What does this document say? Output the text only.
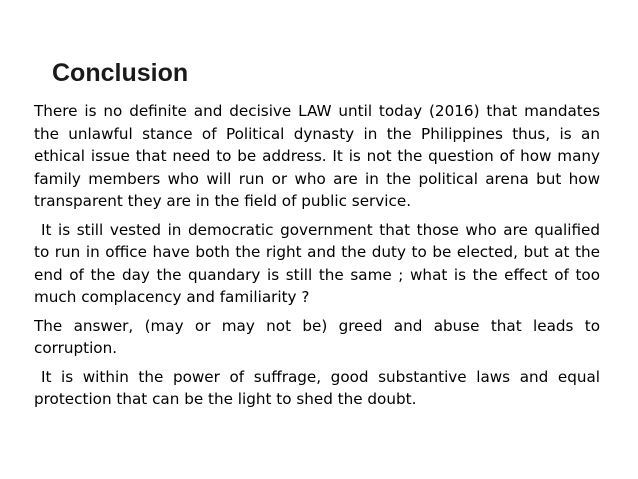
Conclusion

There is no definite and decisive LAW until today (2016) that mandates the unlawful stance of Political dynasty in the Philippines thus, is an ethical issue that need to be address. It is not the question of how many family members who will run or who are in the political arena but how transparent they are in the field of public service.

It is still vested in democratic government that those who are qualified to run in office have both the right and the duty to be elected, but at the end of the day the quandary is still the same ; what is the effect of too much complacency and familiarity ?

The answer, (may or may not be) greed and abuse that leads to corruption.

It is within the power of suffrage, good substantive laws and equal protection that can be the light to shed the doubt.
